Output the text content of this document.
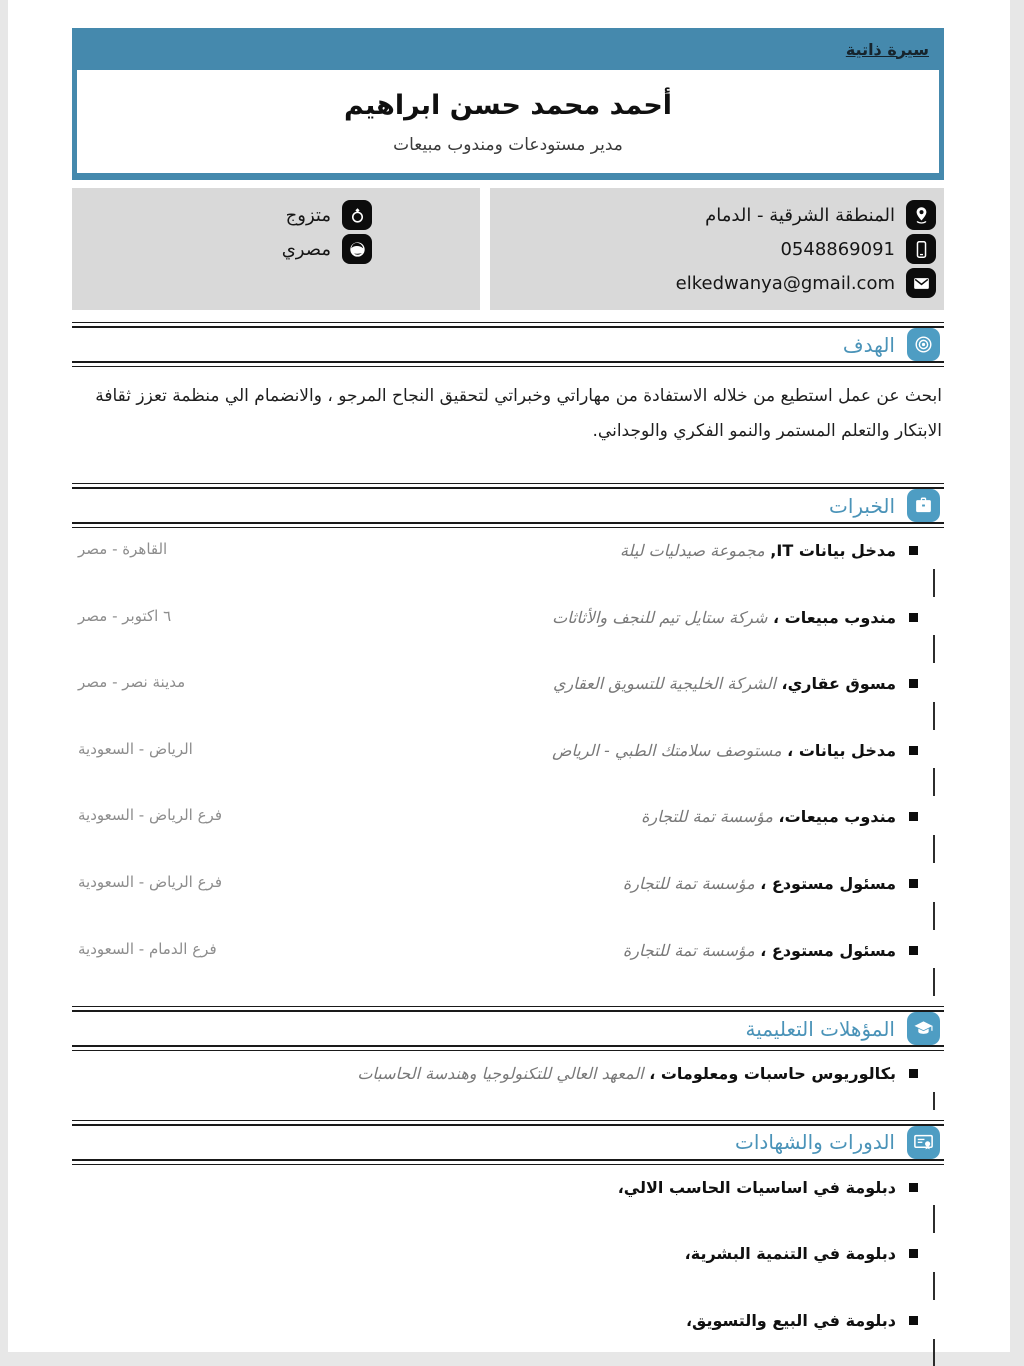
سيرة ذاتية
أحمد محمد حسن ابراهيم
مدير مستودعات ومندوب مبيعات
المنطقة الشرقية - الدمام
0548869091
elkedwanya@gmail.com
متزوج
مصري
الهدف
ابحث عن عمل استطيع من خلاله الاستفادة من مهاراتي وخبراتي لتحقيق النجاح المرجو ، والانضمام الي منظمة تعزز ثقافة الابتكار والتعلم المستمر والنمو الفكري والوجداني.
الخبرات
مدخل بيانات IT, مجموعة صيدليات ليلة
القاهرة - مصر
مندوب مبيعات ، شركة ستايل تيم للنجف والأثاثات
٦ اكتوبر - مصر
مسوق عقاري، الشركة الخليجية للتسويق العقاري
مدينة نصر - مصر
مدخل بيانات ، مستوصف سلامتك الطبي - الرياض
الرياض - السعودية
مندوب مبيعات، مؤسسة تمة للتجارة
فرع الرياض - السعودية
مسئول مستودع ، مؤسسة تمة للتجارة
فرع الرياض - السعودية
مسئول مستودع ، مؤسسة تمة للتجارة
فرع الدمام - السعودية
المؤهلات التعليمية
بكالوريوس حاسبات ومعلومات ، المعهد العالي للتكنولوجيا وهندسة الحاسبات
الدورات والشهادات
دبلومة في اساسيات الحاسب الالي،
دبلومة في التنمية البشرية،
دبلومة في البيع والتسويق،
